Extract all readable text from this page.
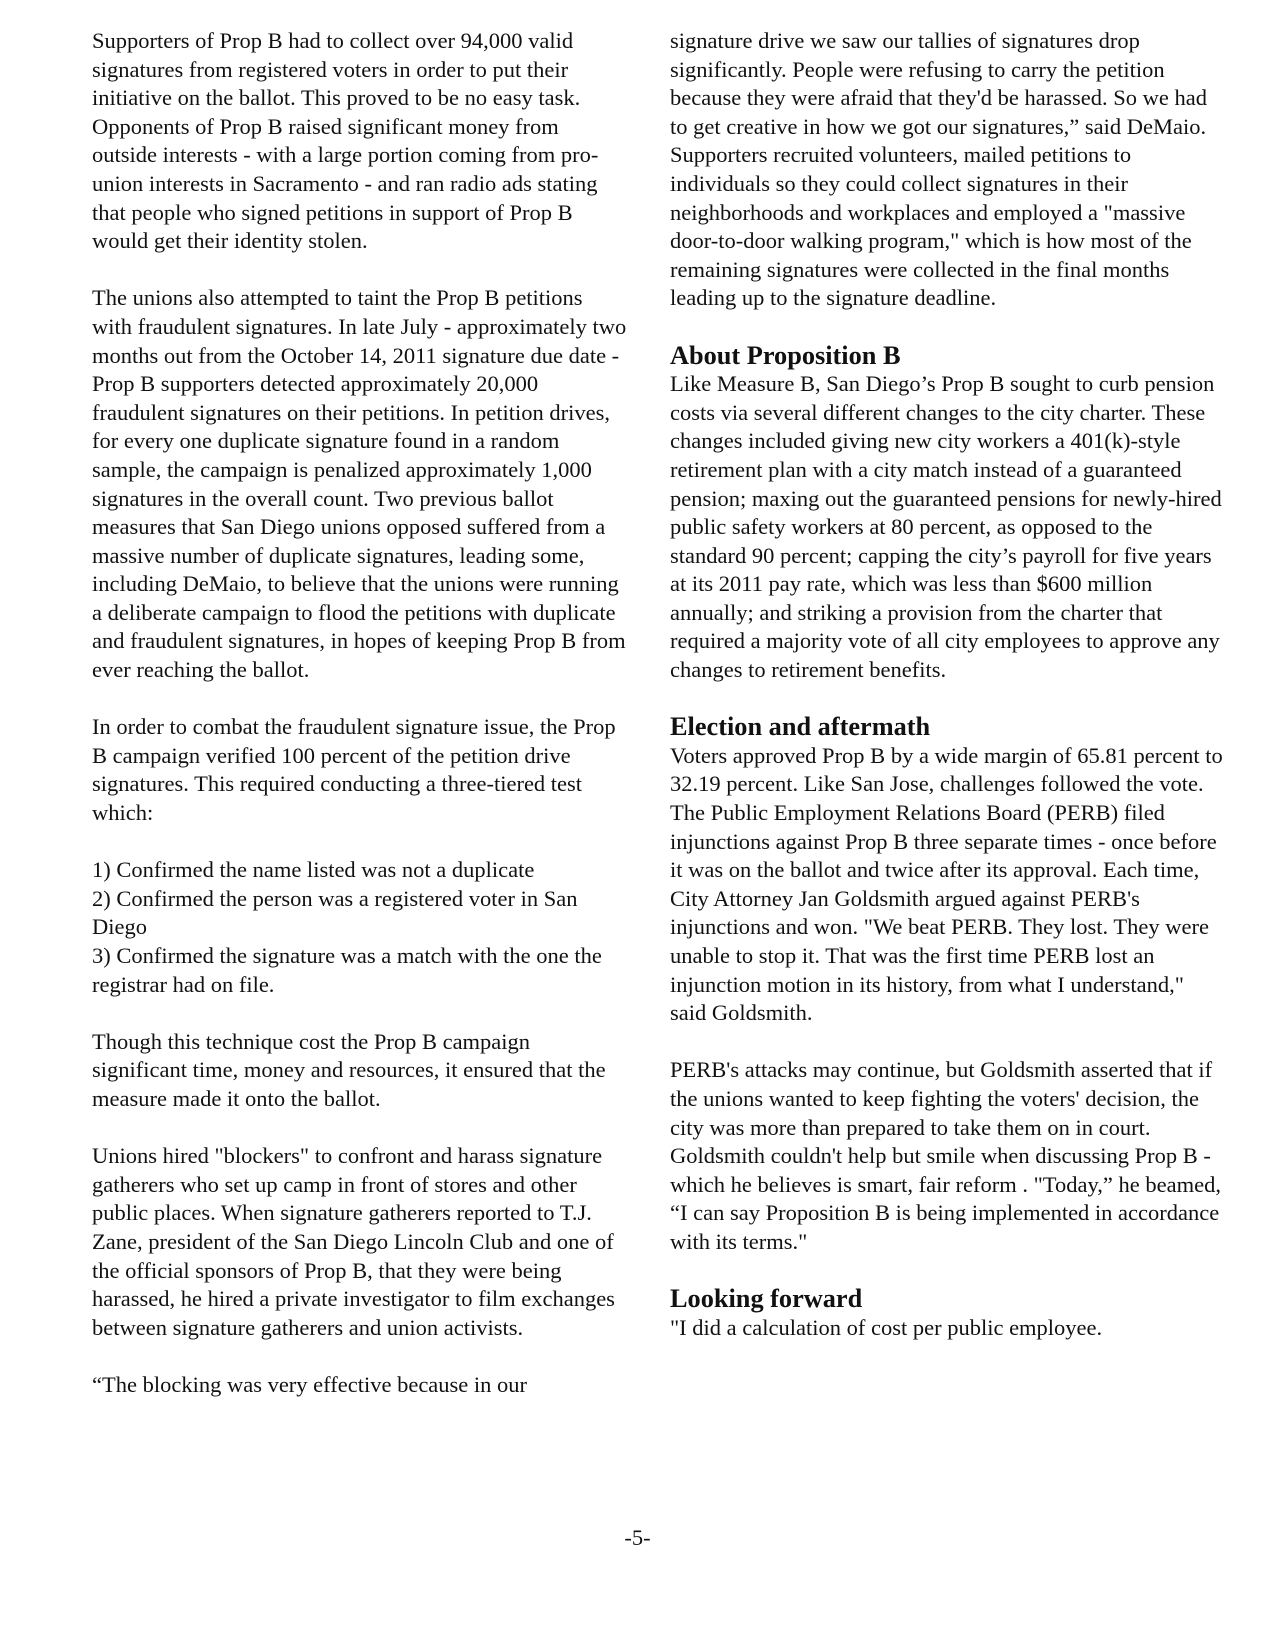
Supporters of Prop B had to collect over 94,000 valid signatures from registered voters in order to put their initiative on the ballot. This proved to be no easy task. Opponents of Prop B raised significant money from outside interests - with a large portion coming from pro-union interests in Sacramento - and ran radio ads stating that people who signed petitions in support of Prop B would get their identity stolen.

The unions also attempted to taint the Prop B petitions with fraudulent signatures. In late July - approximately two months out from the October 14, 2011 signature due date - Prop B supporters detected approximately 20,000 fraudulent signatures on their petitions. In petition drives, for every one duplicate signature found in a random sample, the campaign is penalized approximately 1,000 signatures in the overall count. Two previous ballot measures that San Diego unions opposed suffered from a massive number of duplicate signatures, leading some, including DeMaio, to believe that the unions were running a deliberate campaign to flood the petitions with duplicate and fraudulent signatures, in hopes of keeping Prop B from ever reaching the ballot.

In order to combat the fraudulent signature issue, the Prop B campaign verified 100 percent of the petition drive signatures. This required conducting a three-tiered test which:

1) Confirmed the name listed was not a duplicate
2) Confirmed the person was a registered voter in San Diego
3) Confirmed the signature was a match with the one the registrar had on file.

Though this technique cost the Prop B campaign significant time, money and resources, it ensured that the measure made it onto the ballot.

Unions hired "blockers" to confront and harass signature gatherers who set up camp in front of stores and other public places. When signature gatherers reported to T.J. Zane, president of the San Diego Lincoln Club and one of the official sponsors of Prop B, that they were being harassed, he hired a private investigator to film exchanges between signature gatherers and union activists.

“The blocking was very effective because in our

signature drive we saw our tallies of signatures drop significantly. People were refusing to carry the petition because they were afraid that they'd be harassed. So we had to get creative in how we got our signatures,” said DeMaio. Supporters recruited volunteers, mailed petitions to individuals so they could collect signatures in their neighborhoods and workplaces and employed a "massive door-to-door walking program," which is how most of the remaining signatures were collected in the final months leading up to the signature deadline.

About Proposition B

Like Measure B, San Diego’s Prop B sought to curb pension costs via several different changes to the city charter. These changes included giving new city workers a 401(k)-style retirement plan with a city match instead of a guaranteed pension; maxing out the guaranteed pensions for newly-hired public safety workers at 80 percent, as opposed to the standard 90 percent; capping the city’s payroll for five years at its 2011 pay rate, which was less than $600 million annually; and striking a provision from the charter that required a majority vote of all city employees to approve any changes to retirement benefits.

Election and aftermath

Voters approved Prop B by a wide margin of 65.81 percent to 32.19 percent. Like San Jose, challenges followed the vote. The Public Employment Relations Board (PERB) filed injunctions against Prop B three separate times - once before it was on the ballot and twice after its approval. Each time, City Attorney Jan Goldsmith argued against PERB's injunctions and won. "We beat PERB. They lost. They were unable to stop it. That was the first time PERB lost an injunction motion in its history, from what I understand," said Goldsmith.

PERB's attacks may continue, but Goldsmith asserted that if the unions wanted to keep fighting the voters' decision, the city was more than prepared to take them on in court. Goldsmith couldn't help but smile when discussing Prop B - which he believes is smart, fair reform . "Today,” he beamed, “I can say Proposition B is being implemented in accordance with its terms."

Looking forward

"I did a calculation of cost per public employee.

-5-
